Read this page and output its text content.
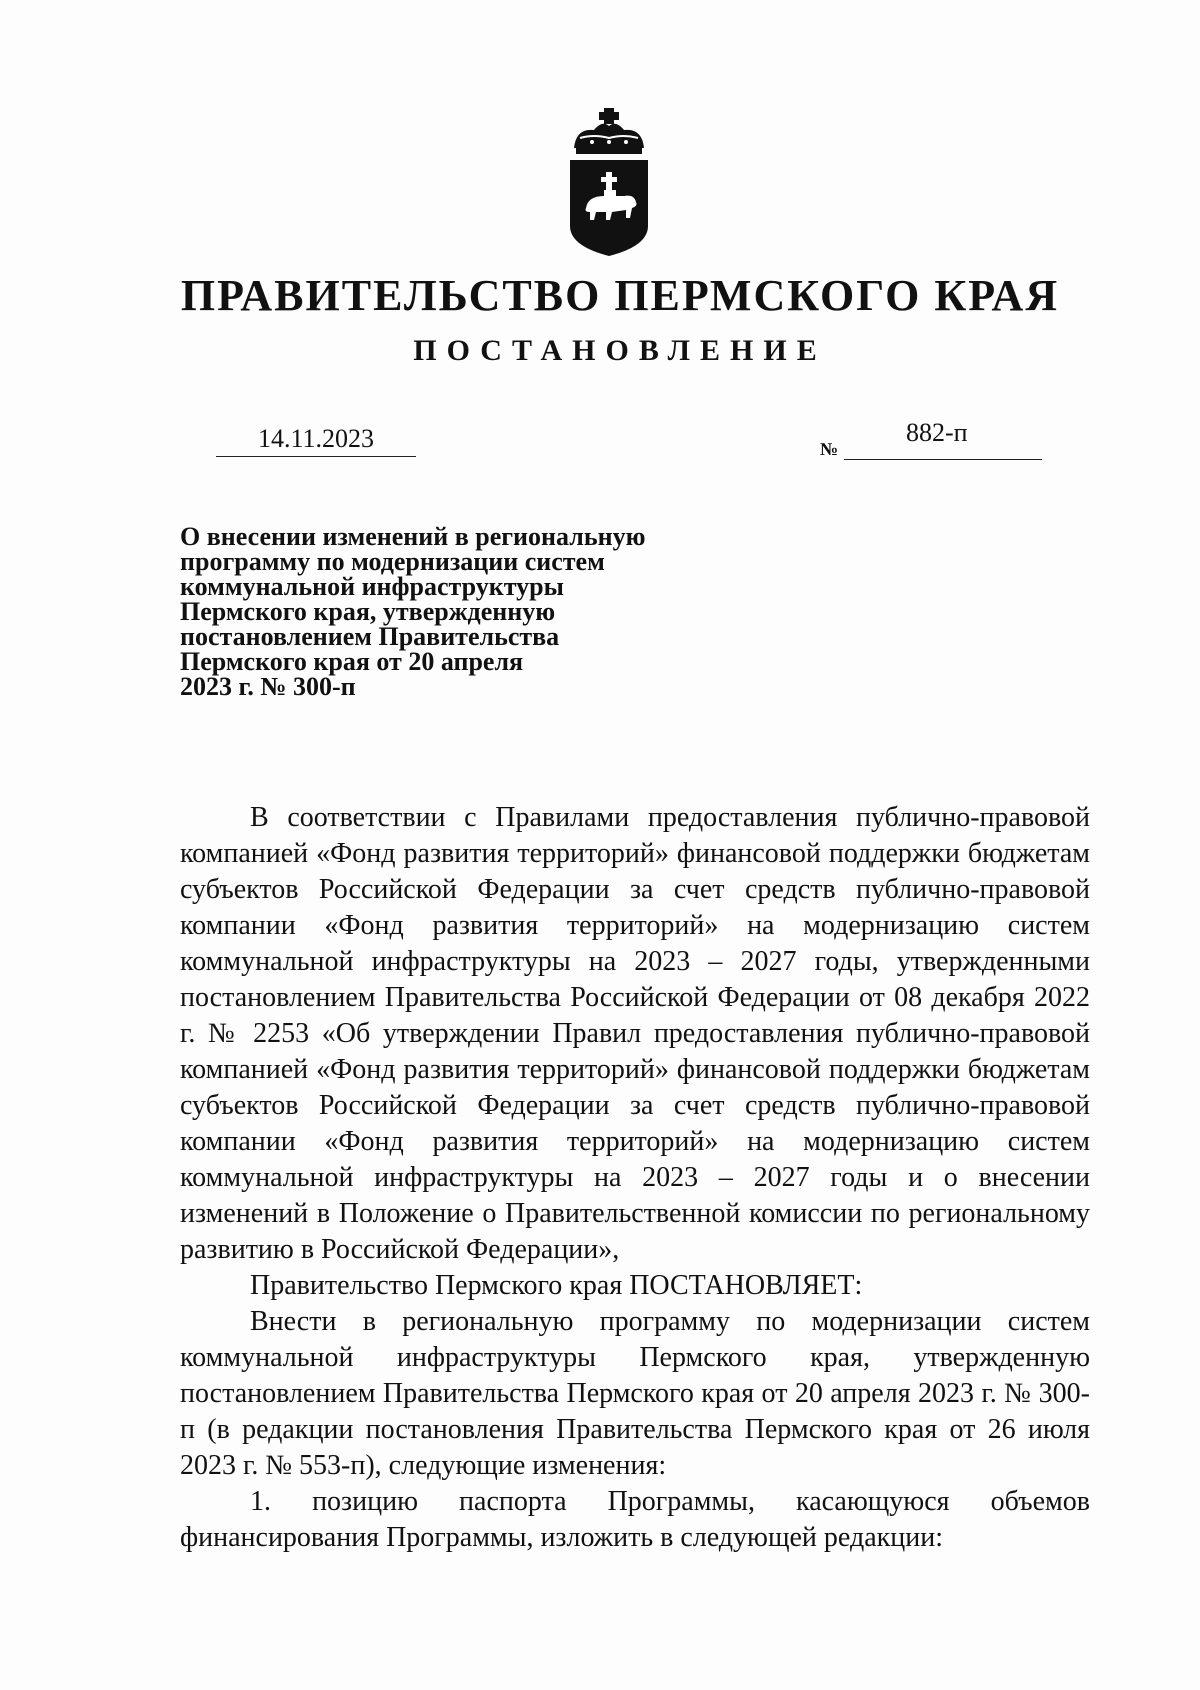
ПРАВИТЕЛЬСТВО ПЕРМСКОГО КРАЯ
ПОСТАНОВЛЕНИЕ
14.11.2023	№
882-п
О внесении изменений в региональную
программу по модернизации систем
коммунальной инфраструктуры
Пермского края, утвержденную
постановлением Правительства
Пермского края от 20 апреля
2023 г. № 300-п

В соответствии с Правилами предоставления публично-правовой компанией «Фонд развития территорий» финансовой поддержки бюджетам субъектов Российской Федерации за счет средств публично-правовой компании «Фонд развития территорий» на модернизацию систем коммунальной инфраструктуры на 2023 – 2027 годы, утвержденными постановлением Правительства Российской Федерации от 08 декабря 2022 г. № 2253 «Об утверждении Правил предоставления публично-правовой компанией «Фонд развития территорий» финансовой поддержки бюджетам субъектов Российской Федерации за счет средств публично-правовой компании «Фонд развития территорий» на модернизацию систем коммунальной инфраструктуры на 2023 – 2027 годы и о внесении изменений в Положение о Правительственной комиссии по региональному развитию в Российской Федерации»,

Правительство Пермского края ПОСТАНОВЛЯЕТ:

Внести в региональную программу по модернизации систем коммунальной инфраструктуры Пермского края, утвержденную постановлением Правительства Пермского края от 20 апреля 2023 г. № 300-п (в редакции постановления Правительства Пермского края от 26 июля 2023 г. № 553-п), следующие изменения:

1. позицию паспорта Программы, касающуюся объемов финансирования Программы, изложить в следующей редакции:
